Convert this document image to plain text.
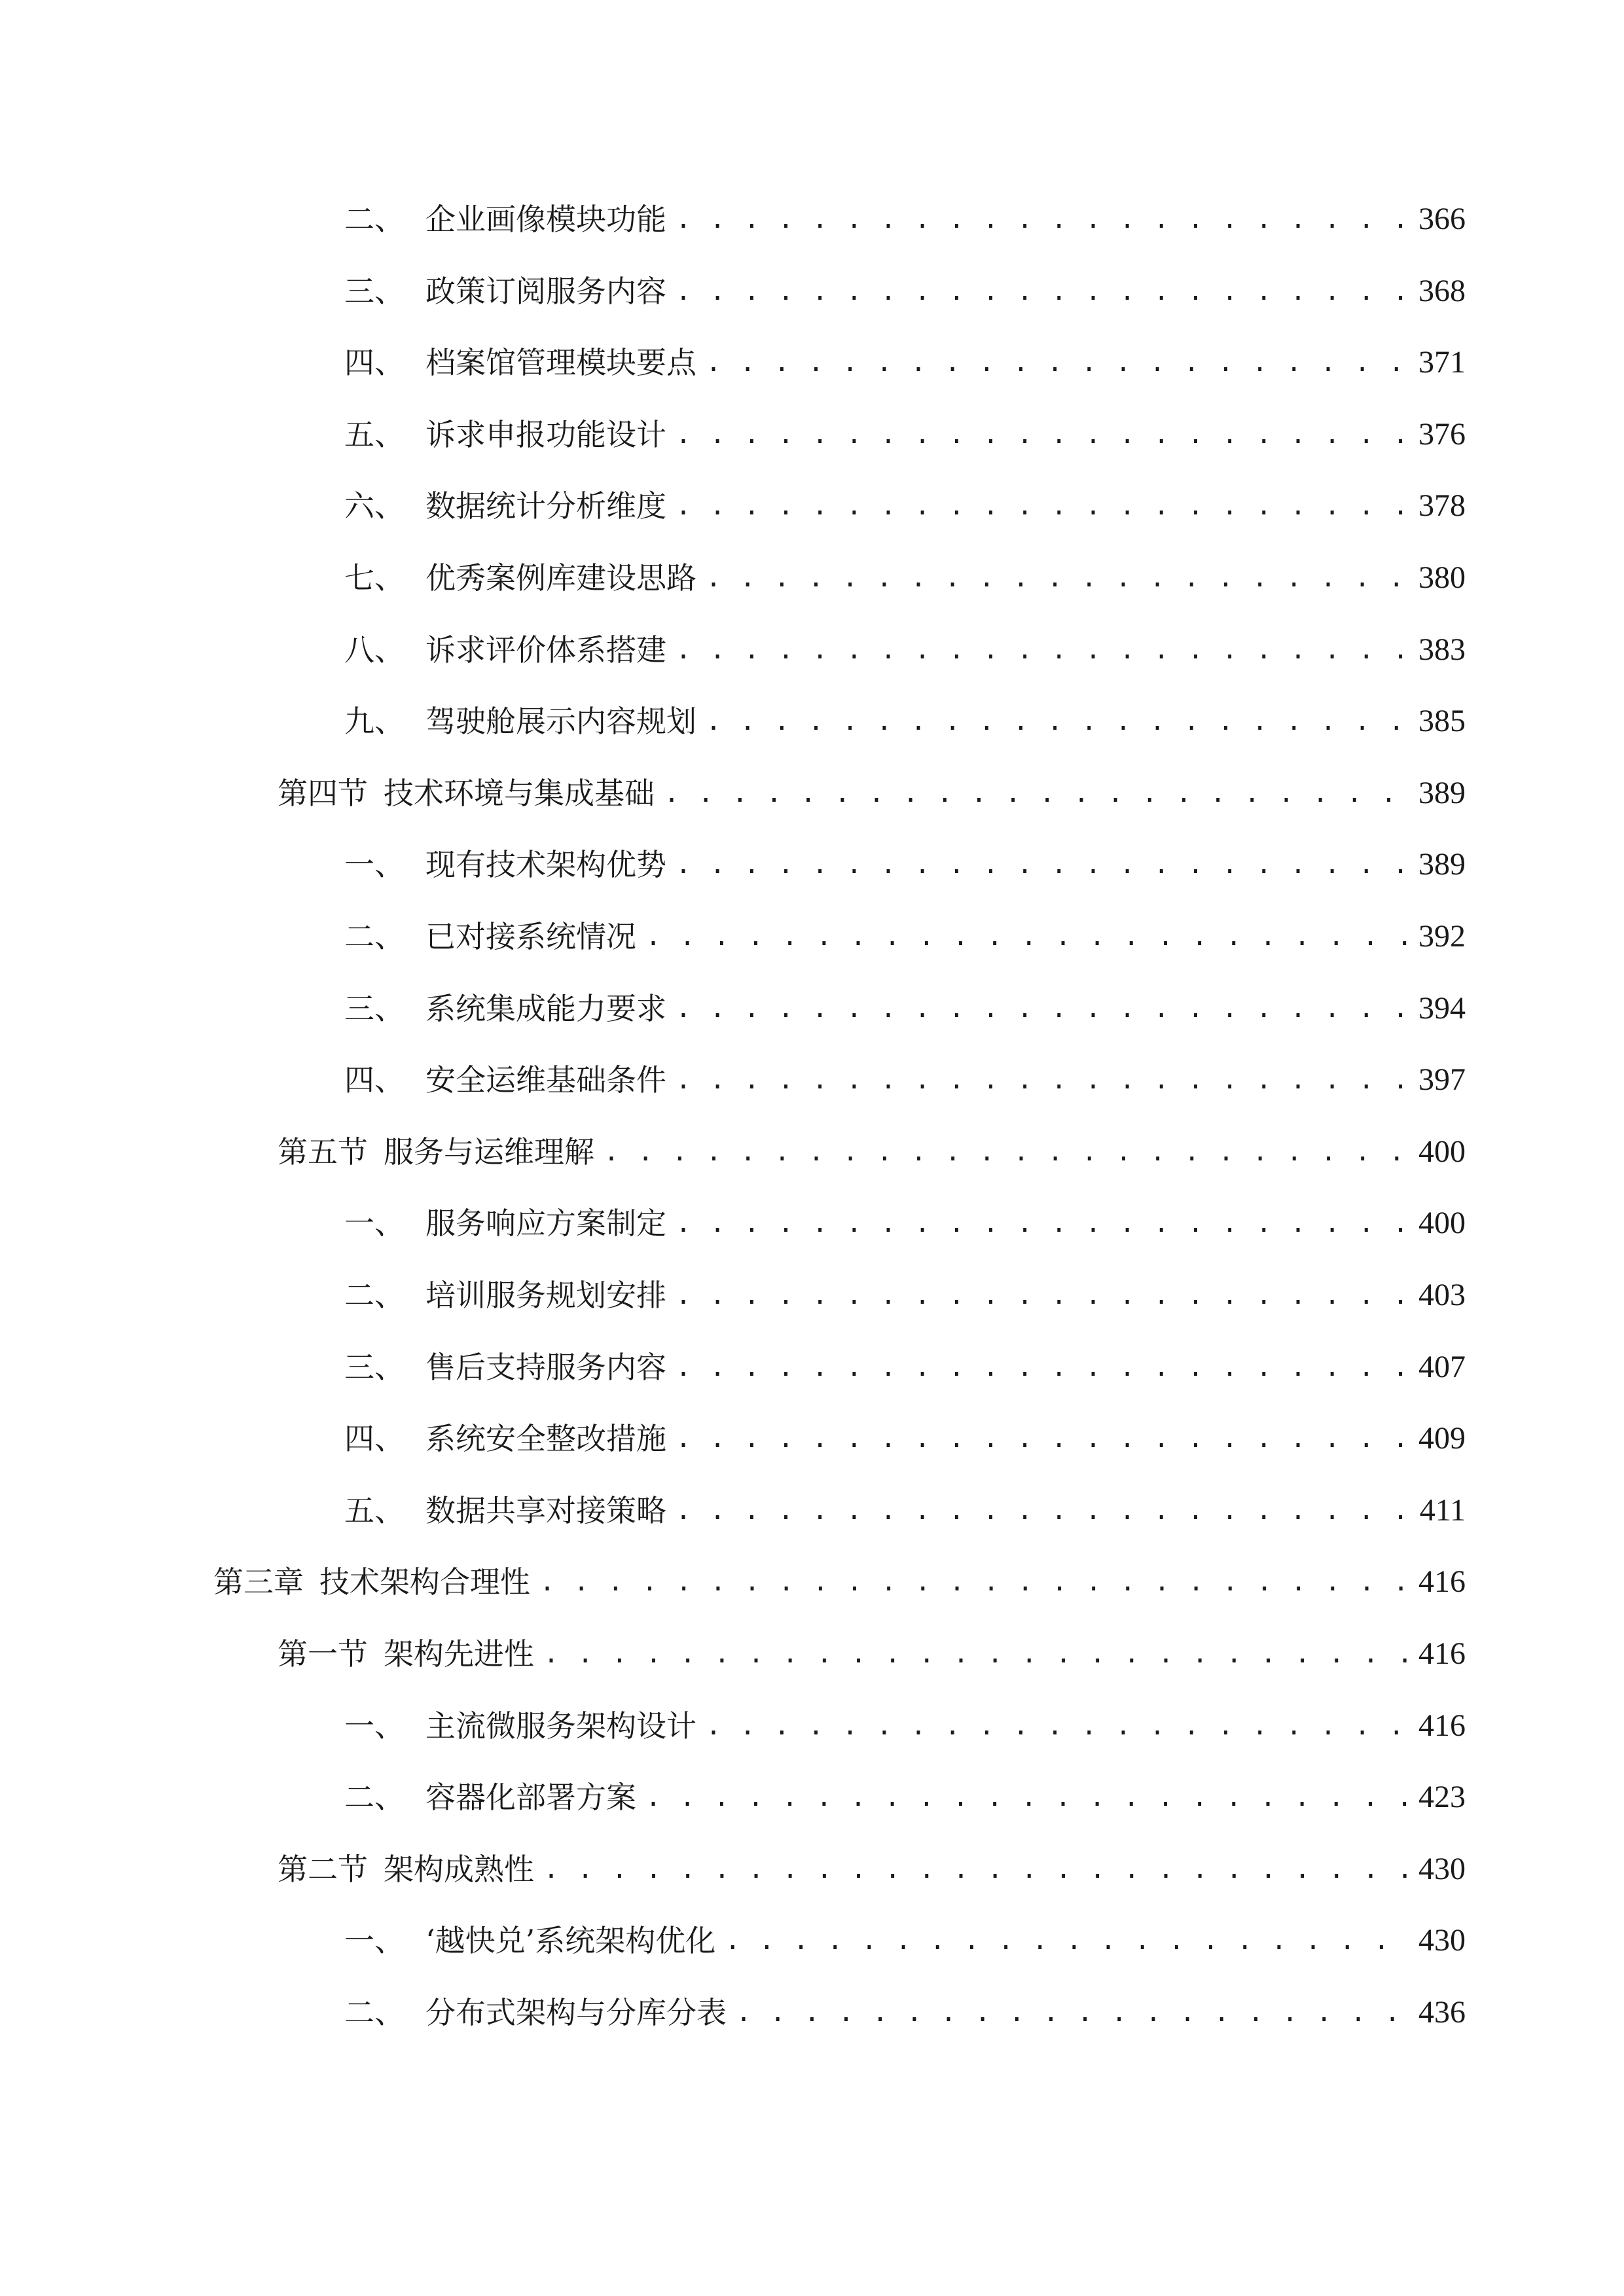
二、 企业画像模块功能 . . .	366
三、 政策订阅服务内容 . . .	368
四、 档案馆管理模块要点 . . .	371
五、 诉求申报功能设计 . . .	376
六、 数据统计分析维度 . . .	378
七、 优秀案例库建设思路 . . .	380
八、 诉求评价体系搭建 . . .	383
九、 驾驶舱展示内容规划 . . .	385
第四节 技术环境与集成基础 . . .	389
一、 现有技术架构优势 . . .	389
二、 已对接系统情况 . . .	392
三、 系统集成能力要求 . . .	394
四、 安全运维基础条件 . . .	397
第五节 服务与运维理解 . . .	400
一、 服务响应方案制定 . . .	400
二、 培训服务规划安排 . . .	403
三、 售后支持服务内容 . . .	407
四、 系统安全整改措施 . . .	409
五、 数据共享对接策略 . . .	411
第三章 技术架构合理性 . . .	416
第一节 架构先进性 . . .	416
一、 主流微服务架构设计 . . .	416
二、 容器化部署方案 . . .	423
第二节 架构成熟性 . . .	430
一、 ‘越快兑’系统架构优化 . . .	430
二、 分布式架构与分库分表 . . .	436
